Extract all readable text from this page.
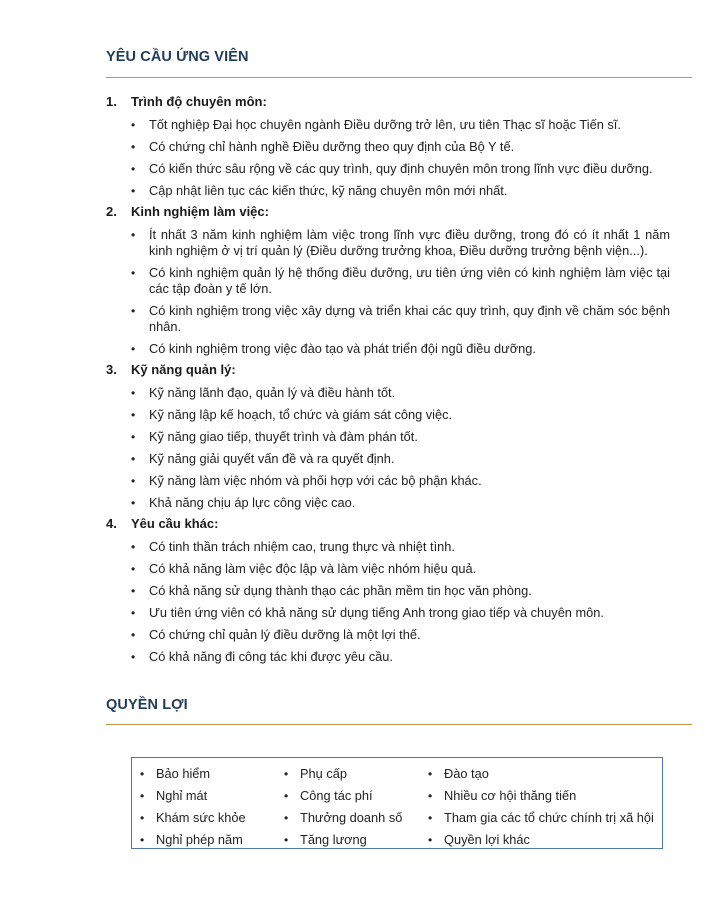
YÊU CẦU ỨNG VIÊN
1.	Trình độ chuyên môn:
• Tốt nghiệp Đại học chuyên ngành Điều dưỡng trở lên, ưu tiên Thạc sĩ hoặc Tiến sĩ.
• Có chứng chỉ hành nghề Điều dưỡng theo quy định của Bộ Y tế.
• Có kiến thức sâu rộng về các quy trình, quy định chuyên môn trong lĩnh vực điều dưỡng.
• Cập nhật liên tục các kiến thức, kỹ năng chuyên môn mới nhất.
2.	Kinh nghiệm làm việc:
• Ít nhất 3 năm kinh nghiệm làm việc trong lĩnh vực điều dưỡng, trong đó có ít nhất 1 năm kinh nghiệm ở vị trí quản lý (Điều dưỡng trưởng khoa, Điều dưỡng trưởng bệnh viện...).
• Có kinh nghiệm quản lý hệ thống điều dưỡng, ưu tiên ứng viên có kinh nghiệm làm việc tại các tập đoàn y tế lớn.
• Có kinh nghiệm trong việc xây dựng và triển khai các quy trình, quy định về chăm sóc bệnh nhân.
• Có kinh nghiệm trong việc đào tạo và phát triển đội ngũ điều dưỡng.
3.	Kỹ năng quản lý:
• Kỹ năng lãnh đạo, quản lý và điều hành tốt.
• Kỹ năng lập kế hoạch, tổ chức và giám sát công việc.
• Kỹ năng giao tiếp, thuyết trình và đàm phán tốt.
• Kỹ năng giải quyết vấn đề và ra quyết định.
• Kỹ năng làm việc nhóm và phối hợp với các bộ phận khác.
• Khả năng chịu áp lực công việc cao.
4.	Yêu cầu khác:
• Có tinh thần trách nhiệm cao, trung thực và nhiệt tình.
• Có khả năng làm việc độc lập và làm việc nhóm hiệu quả.
• Có khả năng sử dụng thành thạo các phần mềm tin học văn phòng.
• Ưu tiên ứng viên có khả năng sử dụng tiếng Anh trong giao tiếp và chuyên môn.
• Có chứng chỉ quản lý điều dưỡng là một lợi thế.
• Có khả năng đi công tác khi được yêu cầu.
QUYỀN LỢI
• Bảo hiểm
• Nghỉ mát
• Khám sức khỏe
• Nghỉ phép năm
• Phụ cấp
• Công tác phí
• Thưởng doanh số
• Tăng lương
• Đào tạo
• Nhiều cơ hội thăng tiến
• Tham gia các tổ chức chính trị xã hội
• Quyền lợi khác
